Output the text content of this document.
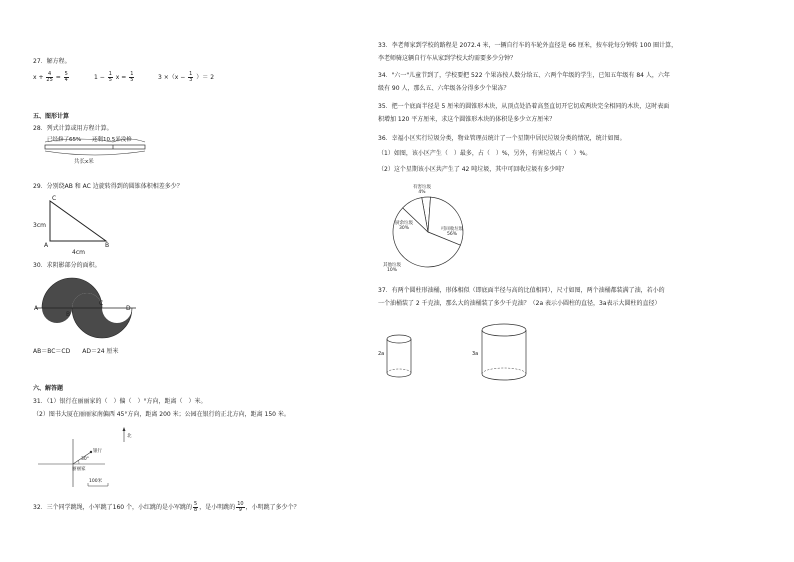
27．解方程。
$x + \frac{4}{25} = \frac{5}{4}$	$1 - \frac{1}{5}$ $x = \frac{1}{5}$	$3 \times(x - \frac{1}{3}$ ）＝ 2
五、图形计算
28．列式计算或用方程计算。
已经修了65% 还剩10.5米没修
共长x米
29．分别绕AB 和 AC 边旋转得到的圆锥体积相差多少？
C
A	B
3cm
4cm
30．求阴影部分的面积。
A
B
C
D
AB＝BC＝CD　　AD＝24 厘米
六、解答题
31．（1）银行在丽丽家的（　）偏（　）°方向，距离（　）米。
（2）图书大厦在丽丽家南偏西 45°方向，距离 200 米；公园在银行的正北方向，距离 150 米。
北
银行
丽丽家
30°
100米
32．三个同学跳绳，小军跳了160 个，小红跳的是小军跳的 $\frac{5}{8}$ ，是小明跳的 $\frac{10}{9}$ ，小明跳了多少个？
33．李老师家到学校的路程是 2072.4 米，一辆自行车的车轮外直径是 66 厘米，按车轮每分钟转 100 圈计算，
李老师骑这辆自行车从家到学校大约需要多少分钟？
34．"六一"儿童节到了，学校要把 522 个果冻按人数分给五、六两个年级的学生，已知五年级有 84 人，六年
级有 90 人，那么五、六年级各分得多少个果冻？
35．把一个底面半径是 5 厘米的圆锥形木块，从顶点处沿着高竖直切开它切成两块完全相同的木块，这时表面
积增加 120 平方厘米，求这个圆锥形木块的体积是多少立方厘米？
36．幸福小区实行垃圾分类，物业管理员统计了一个星期中居民垃圾分类的情况，统计如图。
（1）如图，该小区产生（　）最多，占（　）%，另外，有害垃圾占（　）%。
（2）这个星期该小区共产生了 42 吨垃圾，其中可回收垃圾有多少吨？
有害垃圾 4%
厨余垃圾 30%	可回收垃圾 56%
其他垃圾 10%
37．有两个圆柱形油桶，形体相似（即底面半径与高的比值相同），尺寸如图，两个油桶都装满了油，若小的
一个油桶装了 2 千克油，那么大的油桶装了多少千克油？（2a 表示小圆柱的直径，3a表示大圆柱的直径）
2a	3a
